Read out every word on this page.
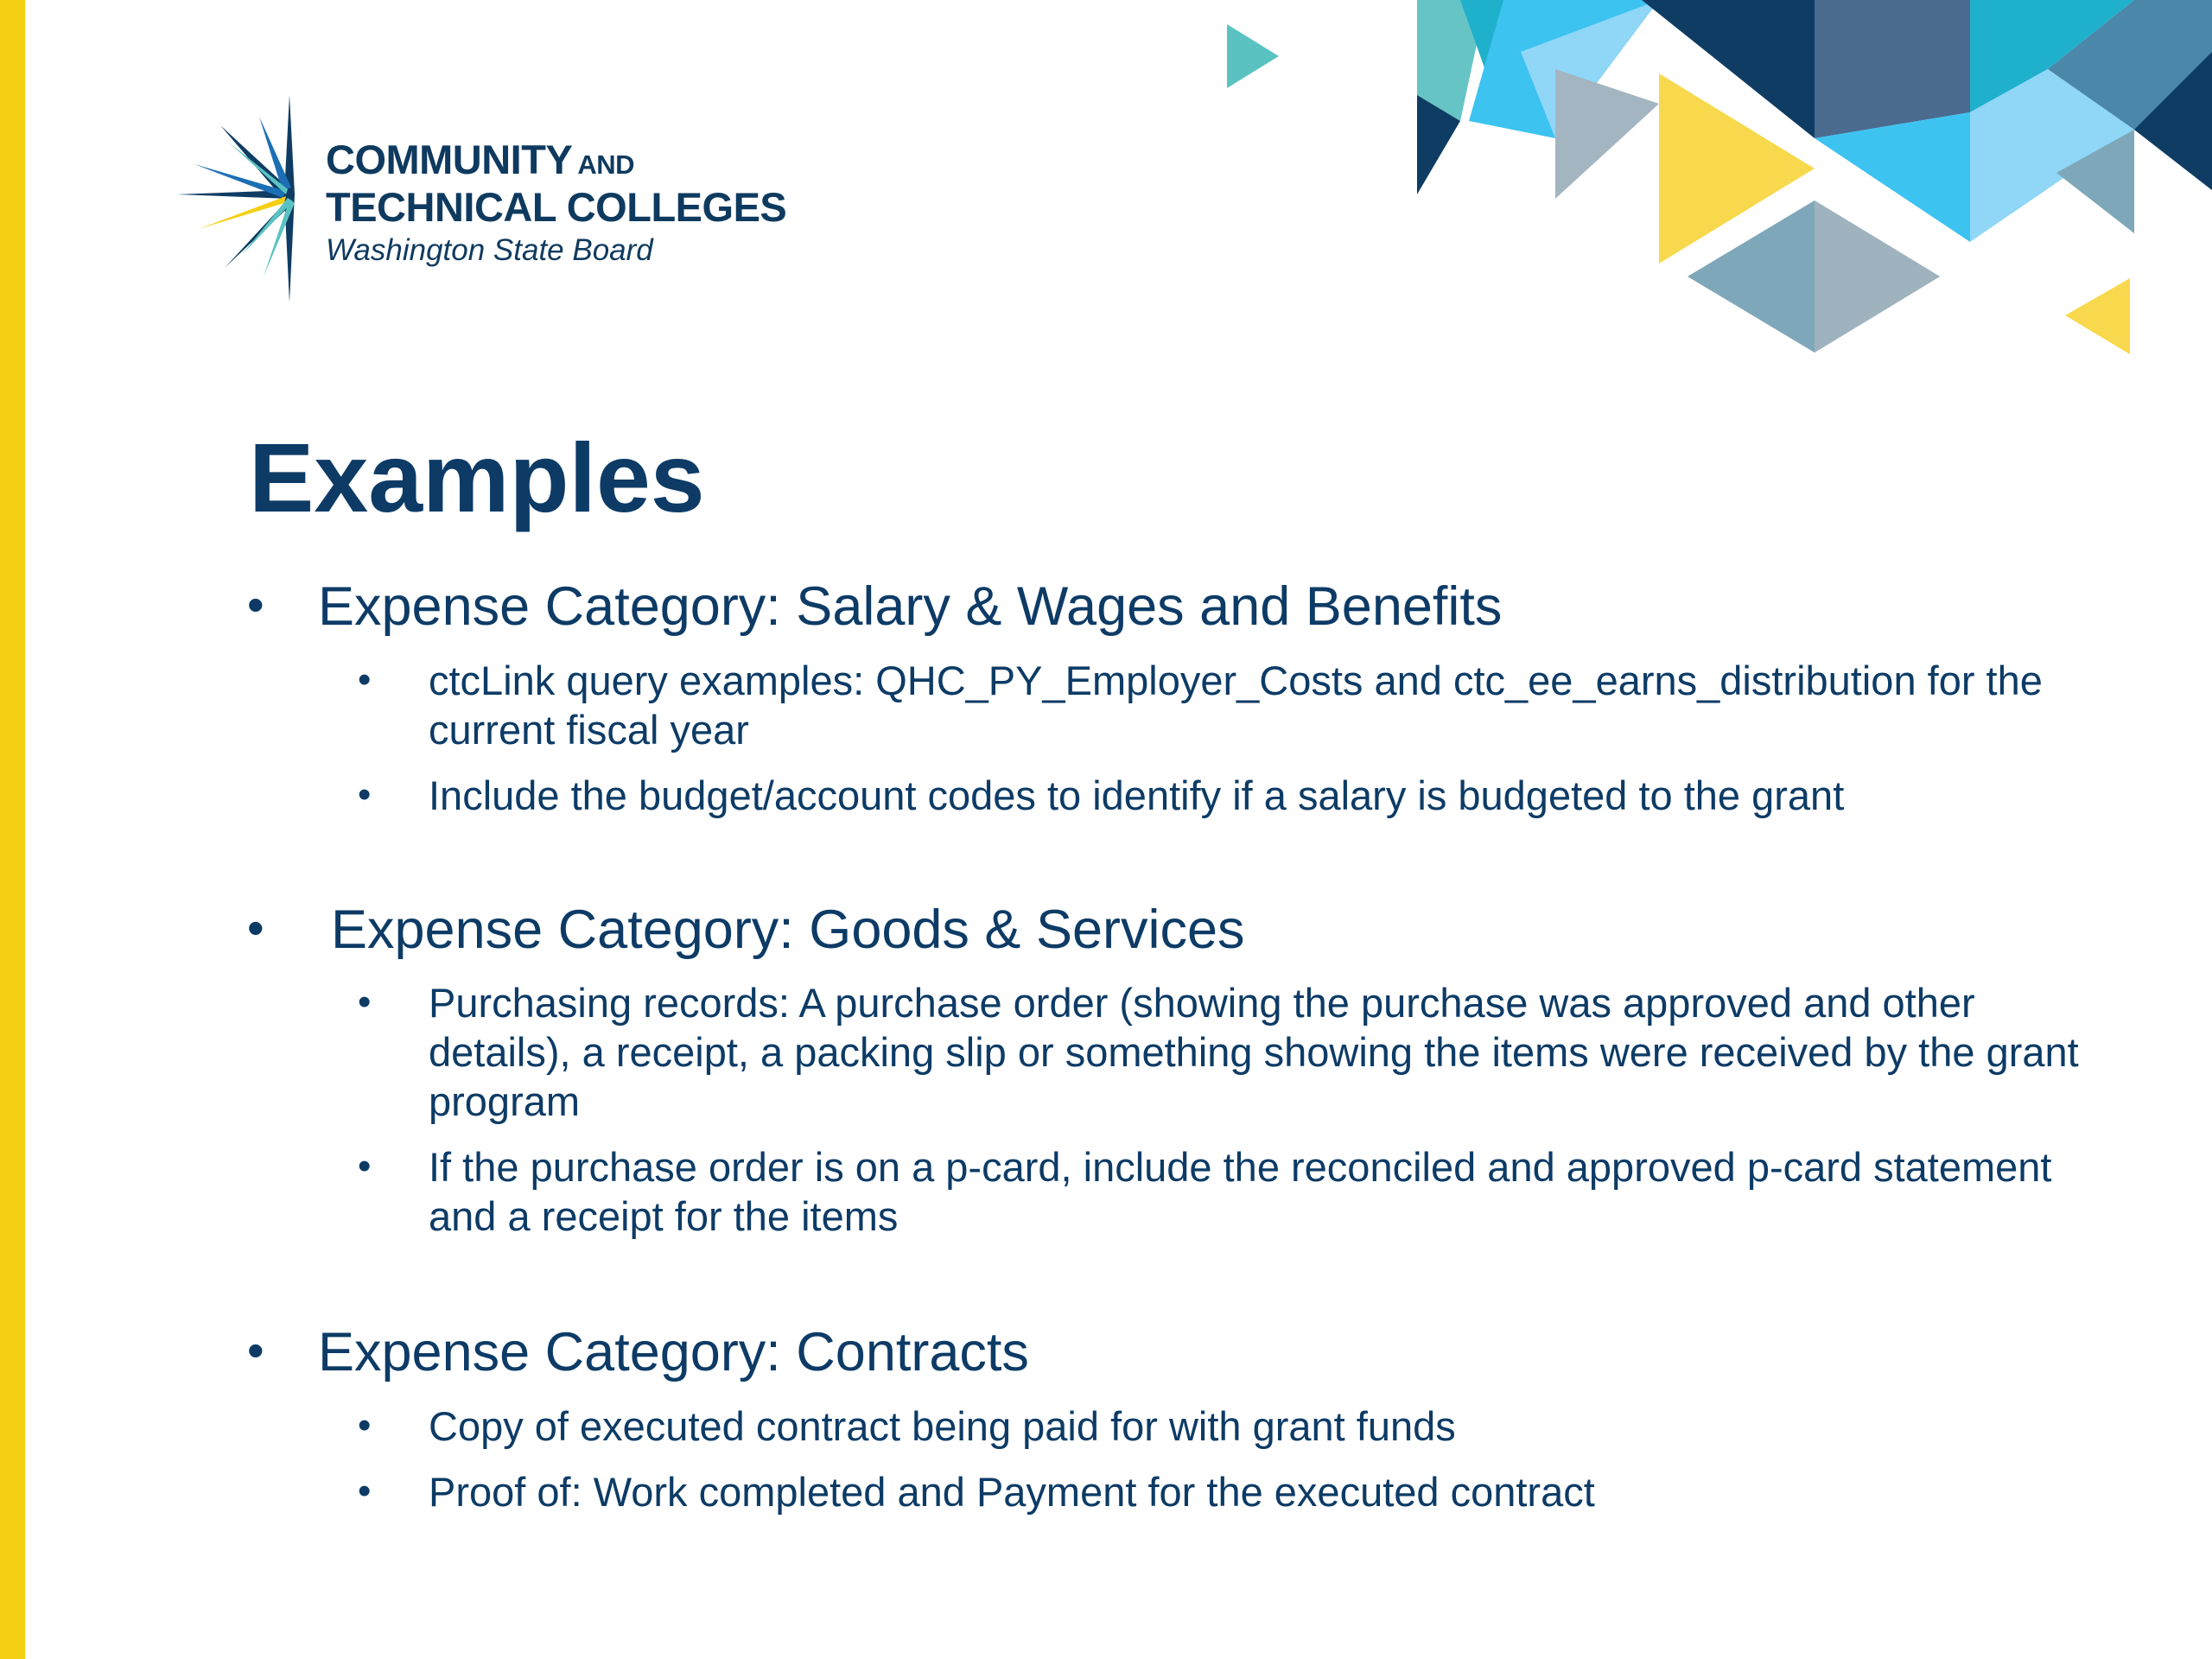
COMMUNITY AND
TECHNICAL COLLEGES
Washington State Board
Examples
• Expense Category: Salary & Wages and Benefits
• ctcLink query examples: QHC_PY_Employer_Costs and ctc_ee_earns_distribution for the current fiscal year
• Include the budget/account codes to identify if a salary is budgeted to the grant
• Expense Category: Goods & Services
• Purchasing records: A purchase order (showing the purchase was approved and other details), a receipt, a packing slip or something showing the items were received by the grant program
• If the purchase order is on a p-card, include the reconciled and approved p-card statement and a receipt for the items
• Expense Category: Contracts
• Copy of executed contract being paid for with grant funds
• Proof of: Work completed and Payment for the executed contract
